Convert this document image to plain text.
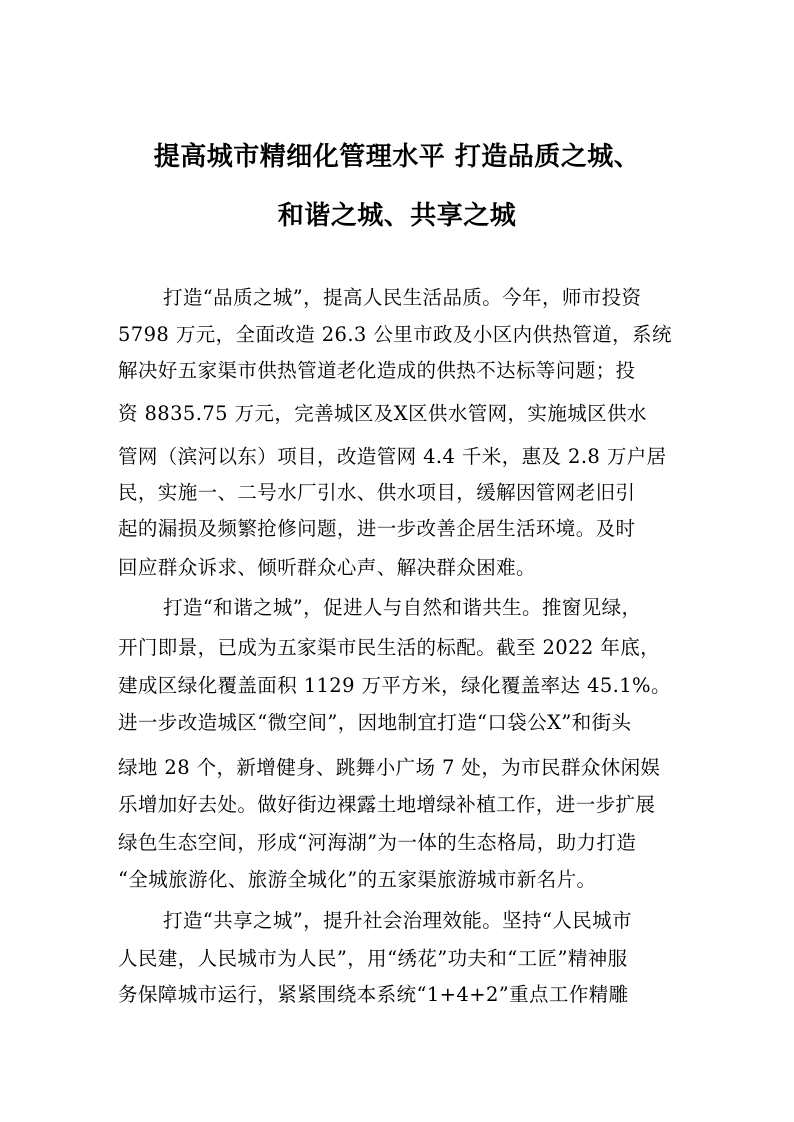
提高城市精细化管理水平 打造品质之城、
和谐之城、共享之城
打造“品质之城”，提高人民生活品质。今年，师市投资
5798 万元，全面改造 26.3 公里市政及小区内供热管道，系统
解决好五家渠市供热管道老化造成的供热不达标等问题；投
资 8835.75 万元，完善城区及X区供水管网，实施城区供水
管网（滨河以东）项目，改造管网 4.4 千米，惠及 2.8 万户居
民，实施一、二号水厂引水、供水项目，缓解因管网老旧引
起的漏损及频繁抢修问题，进一步改善企居生活环境。及时
回应群众诉求、倾听群众心声、解决群众困难。
打造“和谐之城”，促进人与自然和谐共生。推窗见绿，
开门即景，已成为五家渠市民生活的标配。截至 2022 年底，
建成区绿化覆盖面积 1129 万平方米，绿化覆盖率达 45.1%。
进一步改造城区“微空间”，因地制宜打造“口袋公X”和街头
绿地 28 个，新增健身、跳舞小广场 7 处，为市民群众休闲娱
乐增加好去处。做好街边裸露土地增绿补植工作，进一步扩展
绿色生态空间，形成“河海湖”为一体的生态格局，助力打造
“全城旅游化、旅游全城化”的五家渠旅游城市新名片。
打造“共享之城”，提升社会治理效能。坚持“人民城市
人民建，人民城市为人民”，用“绣花”功夫和“工匠”精神服
务保障城市运行，紧紧围绕本系统“1+4+2”重点工作精雕
